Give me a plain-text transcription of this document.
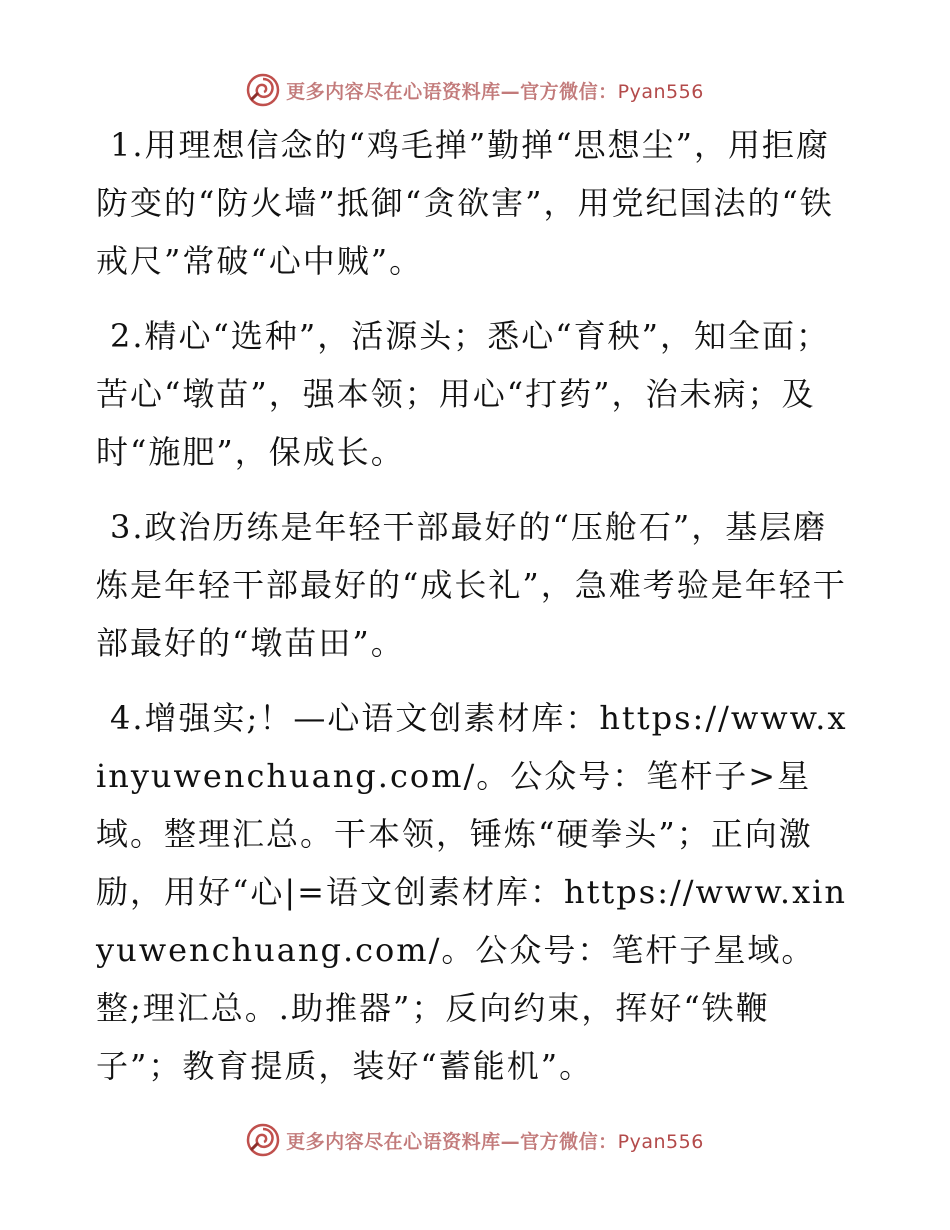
更多内容尽在心语资料库—官方微信：Pyan556

1.用理想信念的“鸡毛掸”勤掸“思想尘”，用拒腐防变的“防火墙”抵御“贪欲害”，用党纪国法的“铁戒尺”常破“心中贼”。

2.精心“选种”，活源头；悉心“育秧”，知全面；苦心“墩苗”，强本领；用心“打药”，治未病；及时“施肥”，保成长。

3.政治历练是年轻干部最好的“压舱石”，基层磨炼是年轻干部最好的“成长礼”，急难考验是年轻干部最好的“墩苗田”。

4.增强实;！—心语文创素材库：https://www.xinyuwenchuang.com/。公众号：笔杆子>星域。整理汇总。干本领，锤炼“硬拳头”；正向激励，用好“心|=语文创素材库：https://www.xinyuwenchuang.com/。公众号：笔杆子星域。整;理汇总。.助推器”；反向约束，挥好“铁鞭子”；教育提质，装好“蓄能机”。

更多内容尽在心语资料库—官方微信：Pyan556
